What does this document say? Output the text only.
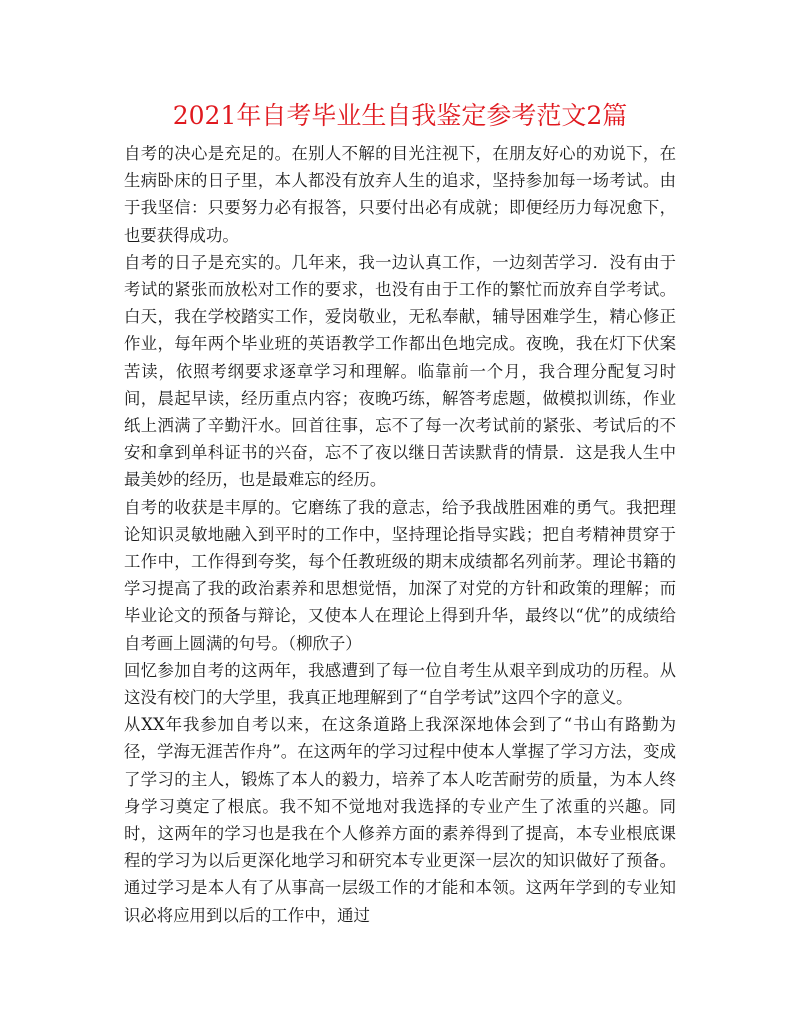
2021年自考毕业生自我鉴定参考范文2篇

自考的决心是充足的。在别人不解的目光注视下，在朋友好心的劝说下，在生病卧床的日子里，本人都没有放弃人生的追求，坚持参加每一场考试。由于我坚信：只要努力必有报答，只要付出必有成就；即便经历力每况愈下，也要获得成功。

自考的日子是充实的。几年来，我一边认真工作，一边刻苦学习．没有由于考试的紧张而放松对工作的要求，也没有由于工作的繁忙而放弃自学考试。白天，我在学校踏实工作，爱岗敬业，无私奉献，辅导困难学生，精心修正作业，每年两个毕业班的英语教学工作都出色地完成。夜晚，我在灯下伏案苦读，依照考纲要求逐章学习和理解。临靠前一个月，我合理分配复习时间，晨起早读，经历重点内容；夜晚巧练，解答考虑题，做模拟训练，作业纸上洒满了辛勤汗水。回首往事，忘不了每一次考试前的紧张、考试后的不安和拿到单科证书的兴奋，忘不了夜以继日苦读默背的情景．这是我人生中最美妙的经历，也是最难忘的经历。

自考的收获是丰厚的。它磨练了我的意志，给予我战胜困难的勇气。我把理论知识灵敏地融入到平时的工作中，坚持理论指导实践；把自考精神贯穿于工作中，工作得到夸奖，每个任教班级的期末成绩都名列前茅。理论书籍的学习提高了我的政治素养和思想觉悟，加深了对党的方针和政策的理解；而毕业论文的预备与辩论，又使本人在理论上得到升华，最终以“优”的成绩给自考画上圆满的句号。（柳欣子）

回忆参加自考的这两年，我感遭到了每一位自考生从艰辛到成功的历程。从这没有校门的大学里，我真正地理解到了“自学考试”这四个字的意义。

从XX年我参加自考以来，在这条道路上我深深地体会到了“书山有路勤为径，学海无涯苦作舟”。在这两年的学习过程中使本人掌握了学习方法，变成了学习的主人，锻炼了本人的毅力，培养了本人吃苦耐劳的质量，为本人终身学习奠定了根底。我不知不觉地对我选择的专业产生了浓重的兴趣。同时，这两年的学习也是我在个人修养方面的素养得到了提高，本专业根底课程的学习为以后更深化地学习和研究本专业更深一层次的知识做好了预备。通过学习是本人有了从事高一层级工作的才能和本领。这两年学到的专业知识必将应用到以后的工作中，通过
